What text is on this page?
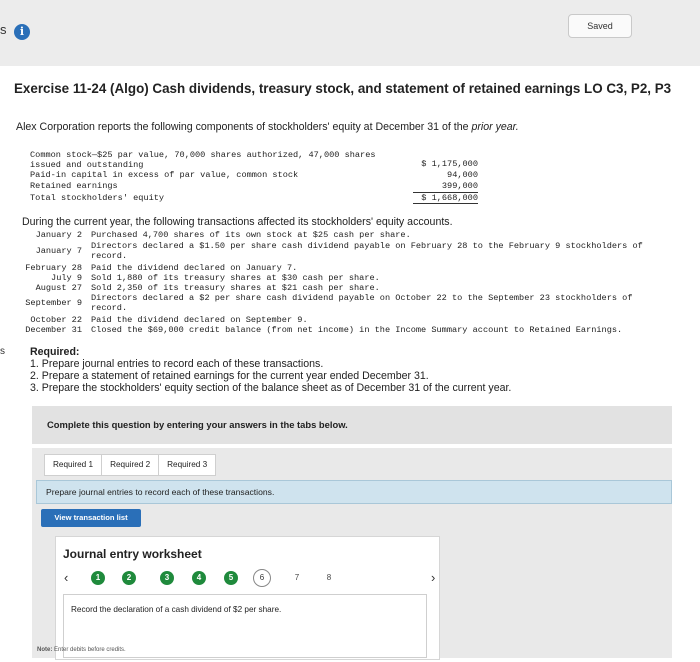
s	i	Saved
Exercise 11-24 (Algo) Cash dividends, treasury stock, and statement of retained earnings LO C3, P2, P3
Alex Corporation reports the following components of stockholders' equity at December 31 of the prior year.
Common stock—$25 par value, 70,000 shares authorized, 47,000 shares
issued and outstanding	$ 1,175,000
Paid-in capital in excess of par value, common stock	94,000
Retained earnings	399,000
Total stockholders' equity	$ 1,668,000
During the current year, the following transactions affected its stockholders' equity accounts.
January 2 Purchased 4,700 shares of its own stock at $25 cash per share.
January 7 Directors declared a $1.50 per share cash dividend payable on February 28 to the February 9 stockholders of record.
February 28 Paid the dividend declared on January 7.
July 9 Sold 1,880 of its treasury shares at $30 cash per share.
August 27 Sold 2,350 of its treasury shares at $21 cash per share.
September 9 Directors declared a $2 per share cash dividend payable on October 22 to the September 23 stockholders of record.
October 22 Paid the dividend declared on September 9.
December 31 Closed the $69,000 credit balance (from net income) in the Income Summary account to Retained Earnings.
s Required:
1. Prepare journal entries to record each of these transactions.
2. Prepare a statement of retained earnings for the current year ended December 31.
3. Prepare the stockholders' equity section of the balance sheet as of December 31 of the current year.
Complete this question by entering your answers in the tabs below.
Required 1	Required 2	Required 3
Prepare journal entries to record each of these transactions.
View transaction list
Journal entry worksheet
‹	1	2	3	4	5	6	7	8	›
Record the declaration of a cash dividend of $2 per share.
Note: Enter debits before credits.
